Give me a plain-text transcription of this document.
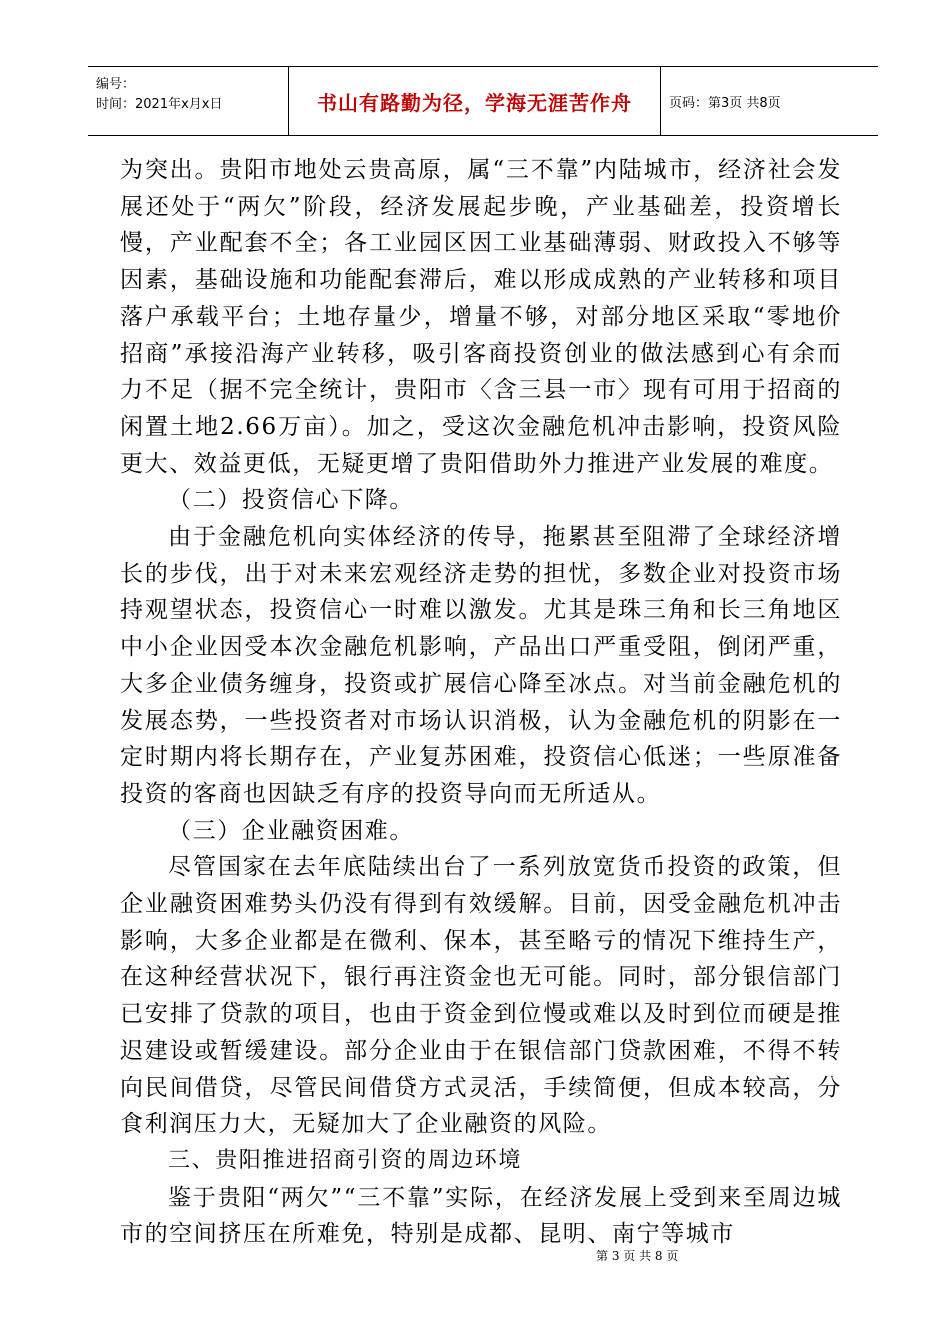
编号：
时间：2021年x月x日	书山有路勤为径，学海无涯苦作舟	页码：第3页 共8页

为突出。贵阳市地处云贵高原，属“三不靠”内陆城市，经济社会发展还处于“两欠”阶段，经济发展起步晚，产业基础差，投资增长慢，产业配套不全；各工业园区因工业基础薄弱、财政投入不够等因素，基础设施和功能配套滞后，难以形成成熟的产业转移和项目落户承载平台；土地存量少，增量不够，对部分地区采取“零地价招商”承接沿海产业转移，吸引客商投资创业的做法感到心有余而力不足（据不完全统计，贵阳市〈含三县一市〉现有可用于招商的闲置土地2.66万亩）。加之，受这次金融危机冲击影响，投资风险更大、效益更低，无疑更增了贵阳借助外力推进产业发展的难度。

（二）投资信心下降。

由于金融危机向实体经济的传导，拖累甚至阻滞了全球经济增长的步伐，出于对未来宏观经济走势的担忧，多数企业对投资市场持观望状态，投资信心一时难以激发。尤其是珠三角和长三角地区中小企业因受本次金融危机影响，产品出口严重受阻，倒闭严重，大多企业债务缠身，投资或扩展信心降至冰点。对当前金融危机的发展态势，一些投资者对市场认识消极，认为金融危机的阴影在一定时期内将长期存在，产业复苏困难，投资信心低迷；一些原准备投资的客商也因缺乏有序的投资导向而无所适从。

（三）企业融资困难。

尽管国家在去年底陆续出台了一系列放宽货币投资的政策，但企业融资困难势头仍没有得到有效缓解。目前，因受金融危机冲击影响，大多企业都是在微利、保本，甚至略亏的情况下维持生产，在这种经营状况下，银行再注资金也无可能。同时，部分银信部门已安排了贷款的项目，也由于资金到位慢或难以及时到位而硬是推迟建设或暂缓建设。部分企业由于在银信部门贷款困难，不得不转向民间借贷，尽管民间借贷方式灵活，手续简便，但成本较高，分食利润压力大，无疑加大了企业融资的风险。

三、贵阳推进招商引资的周边环境

鉴于贵阳“两欠”“三不靠”实际，在经济发展上受到来至周边城市的空间挤压在所难免，特别是成都、昆明、南宁等城市

第 3 页 共 8 页
